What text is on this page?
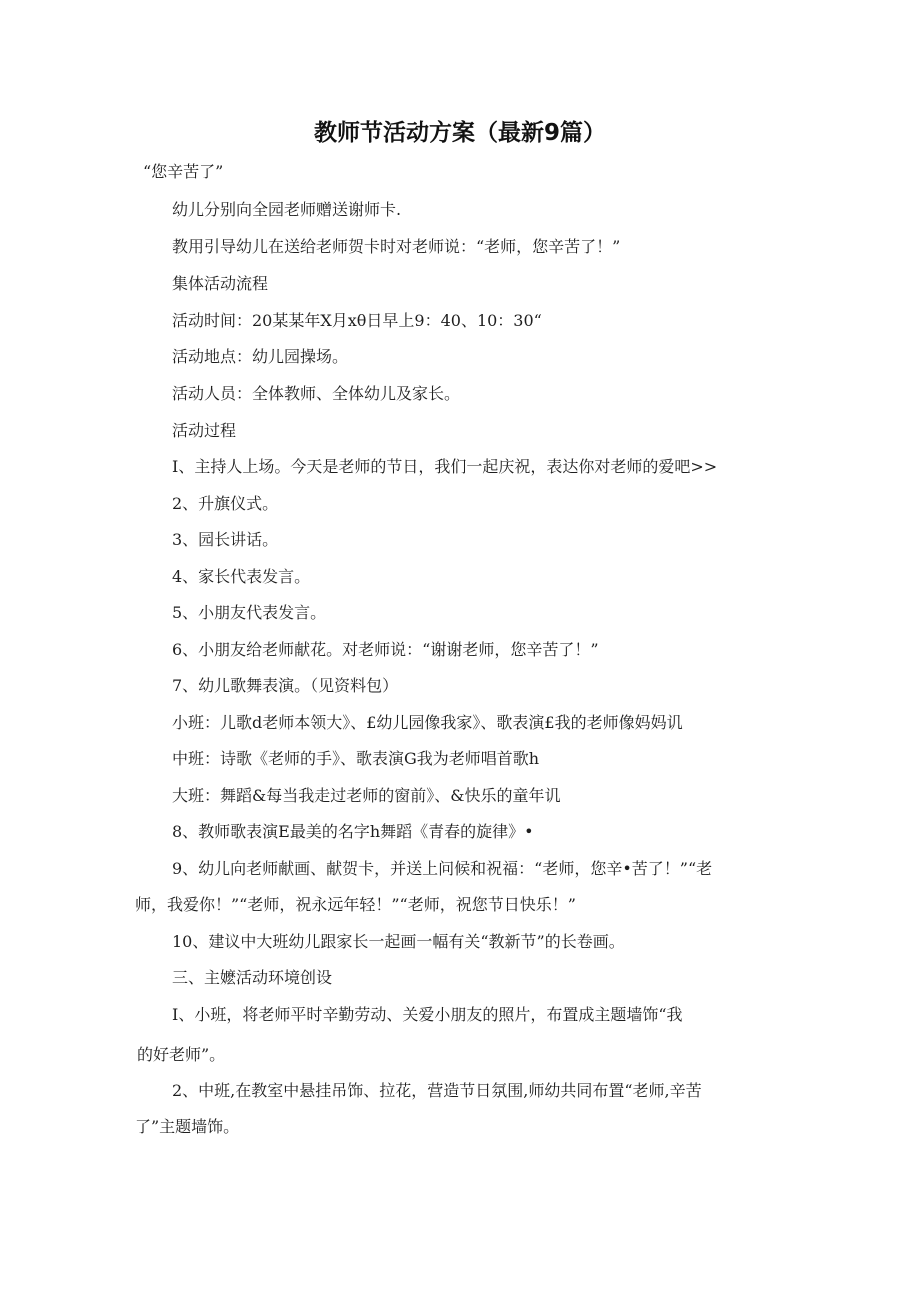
教师节活动方案（最新9篇）
“您辛苦了”
幼儿分别向全园老师赠送谢师卡.
教用引导幼儿在送给老师贺卡时对老师说：“老师，您辛苦了！”
集体活动流程
活动时间：20某某年X月xθ日早上9：40、10：30“
活动地点：幼儿园操场。
活动人员：全体教师、全体幼儿及家长。
活动过程
I、主持人上场。今天是老师的节日，我们一起庆祝，表达你对老师的爱吧>>
2、升旗仪式。
3、园长讲话。
4、家长代表发言。
5、小朋友代表发言。
6、小朋友给老师献花。对老师说：“谢谢老师，您辛苦了！”
7、幼儿歌舞表演。（见资料包）
小班：儿歌d老师本领大》、£幼儿园像我家》、歌表演£我的老师像妈妈讥
中班：诗歌《老师的手》、歌表演G我为老师唱首歌h
大班：舞蹈&每当我走过老师的窗前》、&快乐的童年讥
8、教师歌表演E最美的名字h舞蹈《青春的旋律》•
9、幼儿向老师献画、献贺卡，并送上问候和祝福：“老师，您辛•苦了！”“老
师，我爱你！”“老师，祝永远年轻！”“老师，祝您节日快乐！”
10、建议中大班幼儿跟家长一起画一幅有关“教新节”的长卷画。
三、主嬷活动环境创设
I、小班，将老师平时辛勤劳动、关爱小朋友的照片，布置成主题墙饰“我
的好老师”。
2、中班,在教室中悬挂吊饰、拉花，营造节日氛围,师幼共同布置“老师,辛苦
了”主题墙饰。
